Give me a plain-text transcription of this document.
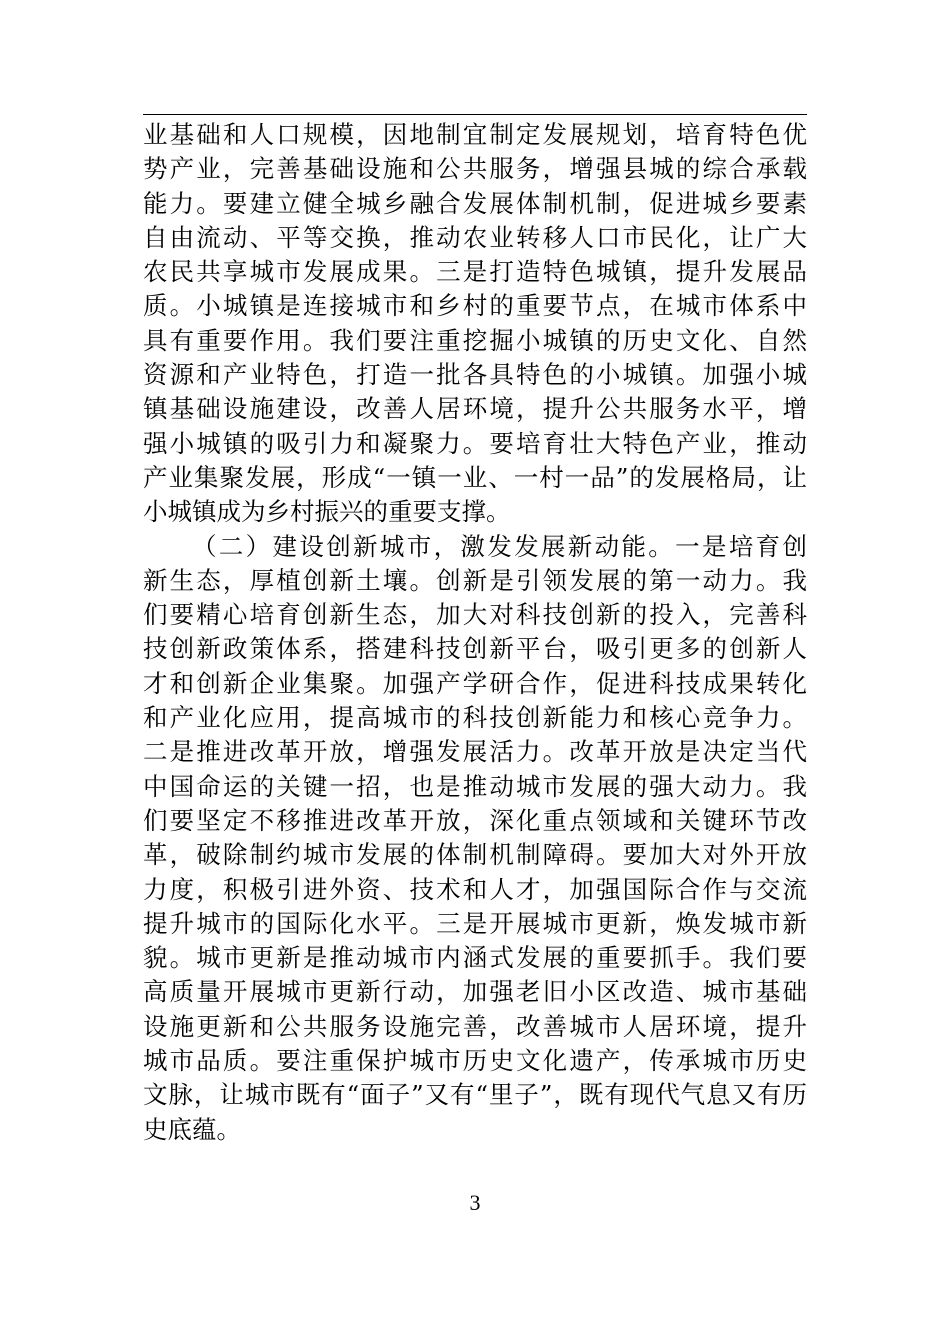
业基础和人口规模，因地制宜制定发展规划，培育特色优
势产业，完善基础设施和公共服务，增强县城的综合承载
能力。要建立健全城乡融合发展体制机制，促进城乡要素
自由流动、平等交换，推动农业转移人口市民化，让广大
农民共享城市发展成果。三是打造特色城镇，提升发展品
质。小城镇是连接城市和乡村的重要节点，在城市体系中
具有重要作用。我们要注重挖掘小城镇的历史文化、自然
资源和产业特色，打造一批各具特色的小城镇。加强小城
镇基础设施建设，改善人居环境，提升公共服务水平，增
强小城镇的吸引力和凝聚力。要培育壮大特色产业，推动
产业集聚发展，形成“一镇一业、一村一品”的发展格局，让
小城镇成为乡村振兴的重要支撑。
（二）建设创新城市，激发发展新动能。一是培育创
新生态，厚植创新土壤。创新是引领发展的第一动力。我
们要精心培育创新生态，加大对科技创新的投入，完善科
技创新政策体系，搭建科技创新平台，吸引更多的创新人
才和创新企业集聚。加强产学研合作，促进科技成果转化
和产业化应用，提高城市的科技创新能力和核心竞争力。
二是推进改革开放，增强发展活力。改革开放是决定当代
中国命运的关键一招，也是推动城市发展的强大动力。我
们要坚定不移推进改革开放，深化重点领域和关键环节改
革，破除制约城市发展的体制机制障碍。要加大对外开放
力度，积极引进外资、技术和人才，加强国际合作与交流
提升城市的国际化水平。三是开展城市更新，焕发城市新
貌。城市更新是推动城市内涵式发展的重要抓手。我们要
高质量开展城市更新行动，加强老旧小区改造、城市基础
设施更新和公共服务设施完善，改善城市人居环境，提升
城市品质。要注重保护城市历史文化遗产，传承城市历史
文脉，让城市既有“面子”又有“里子”，既有现代气息又有历
史底蕴。
3
